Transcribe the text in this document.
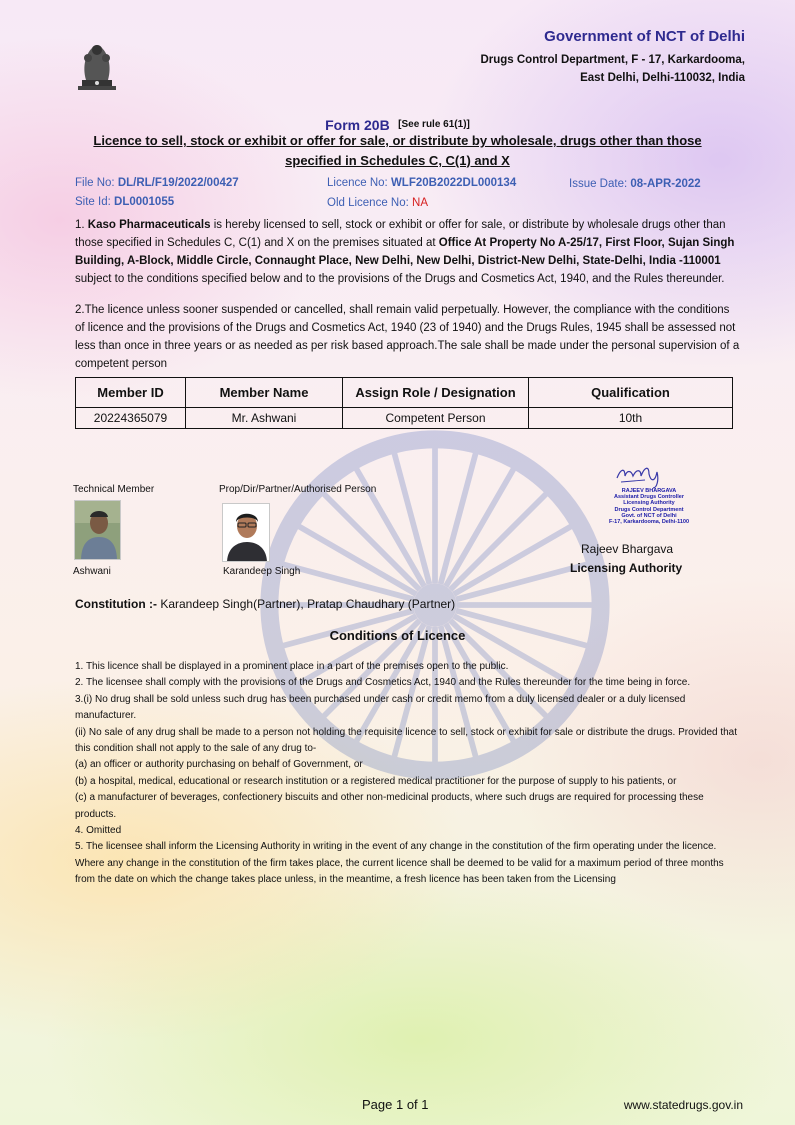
Government of NCT of Delhi
Drugs Control Department, F - 17, Karkardooma,
East Delhi, Delhi-110032, India
Form 20B [See rule 61(1)]
Licence to sell, stock or exhibit or offer for sale, or distribute by wholesale, drugs other than those
specified in Schedules C, C(1) and X
File No: DL/RL/F19/2022/00427	Licence No: WLF20B2022DL000134	Issue Date: 08-APR-2022
Site Id: DL0001055	Old Licence No: NA
1. Kaso Pharmaceuticals is hereby licensed to sell, stock or exhibit or offer for sale, or distribute by wholesale drugs other than those specified in Schedules C, C(1) and X on the premises situated at Office At Property No A-25/17, First Floor, Sujan Singh Building, A-Block, Middle Circle, Connaught Place, New Delhi, New Delhi, District-New Delhi, State-Delhi, India -110001 subject to the conditions specified below and to the provisions of the Drugs and Cosmetics Act, 1940, and the Rules thereunder.
2.The licence unless sooner suspended or cancelled, shall remain valid perpetually. However, the compliance with the conditions of licence and the provisions of the Drugs and Cosmetics Act, 1940 (23 of 1940) and the Drugs Rules, 1945 shall be assessed not less than once in three years or as needed as per risk based approach.The sale shall be made under the personal supervision of a competent person
Member ID	Member Name	Assign Role / Designation	Qualification
20224365079	Mr. Ashwani	Competent Person	10th
Technical Member
Ashwani
Prop/Dir/Partner/Authorised Person
Karandeep Singh
RAJEEV BHARGAVA
Assistant Drugs Controller
Licensing Authority
Drugs Control Department
Govt. of NCT of Delhi
F-17, Karkardooma, Delhi-1100
Rajeev Bhargava
Licensing Authority
Constitution :- Karandeep Singh(Partner), Pratap Chaudhary (Partner)
Conditions of Licence
1. This licence shall be displayed in a prominent place in a part of the premises open to the public.
2. The licensee shall comply with the provisions of the Drugs and Cosmetics Act, 1940 and the Rules thereunder for the time being in force.
3.(i) No drug shall be sold unless such drug has been purchased under cash or credit memo from a duly licensed dealer or a duly licensed manufacturer.
(ii) No sale of any drug shall be made to a person not holding the requisite licence to sell, stock or exhibit for sale or distribute the drugs. Provided that this condition shall not apply to the sale of any drug to-
(a) an officer or authority purchasing on behalf of Government, or
(b) a hospital, medical, educational or research institution or a registered medical practitioner for the purpose of supply to his patients, or
(c) a manufacturer of beverages, confectionery biscuits and other non-medicinal products, where such drugs are required for processing these products.
4. Omitted
5. The licensee shall inform the Licensing Authority in writing in the event of any change in the constitution of the firm operating under the licence. Where any change in the constitution of the firm takes place, the current licence shall be deemed to be valid for a maximum period of three months from the date on which the change takes place unless, in the meantime, a fresh licence has been taken from the Licensing
Page 1 of 1	www.statedrugs.gov.in
